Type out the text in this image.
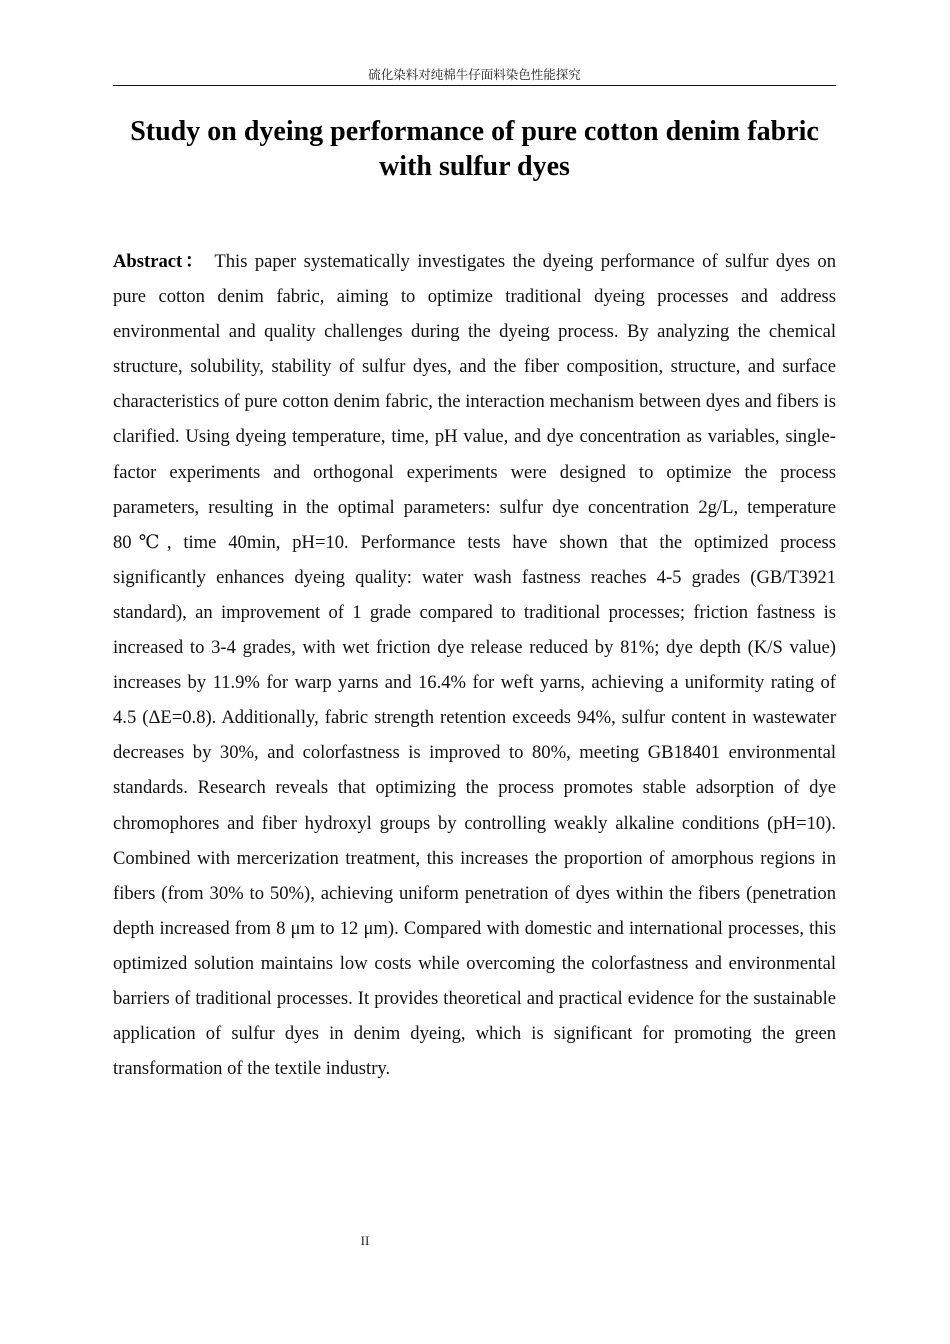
硫化染料对纯棉牛仔面料染色性能探究
Study on dyeing performance of pure cotton denim fabric
with sulfur dyes

Abstract： This paper systematically investigates the dyeing performance of sulfur dyes on pure cotton denim fabric, aiming to optimize traditional dyeing processes and address environmental and quality challenges during the dyeing process. By analyzing the chemical structure, solubility, stability of sulfur dyes, and the fiber composition, structure, and surface characteristics of pure cotton denim fabric, the interaction mechanism between dyes and fibers is clarified. Using dyeing temperature, time, pH value, and dye concentration as variables, single-factor experiments and orthogonal experiments were designed to optimize the process parameters, resulting in the optimal parameters: sulfur dye concentration 2g/L, temperature 80℃, time 40min, pH=10. Performance tests have shown that the optimized process significantly enhances dyeing quality: water wash fastness reaches 4-5 grades (GB/T3921 standard), an improvement of 1 grade compared to traditional processes; friction fastness is increased to 3-4 grades, with wet friction dye release reduced by 81%; dye depth (K/S value) increases by 11.9% for warp yarns and 16.4% for weft yarns, achieving a uniformity rating of 4.5 (ΔE=0.8). Additionally, fabric strength retention exceeds 94%, sulfur content in wastewater decreases by 30%, and colorfastness is improved to 80%, meeting GB18401 environmental standards. Research reveals that optimizing the process promotes stable adsorption of dye chromophores and fiber hydroxyl groups by controlling weakly alkaline conditions (pH=10). Combined with mercerization treatment, this increases the proportion of amorphous regions in fibers (from 30% to 50%), achieving uniform penetration of dyes within the fibers (penetration depth increased from 8 μm to 12 μm). Compared with domestic and international processes, this optimized solution maintains low costs while overcoming the colorfastness and environmental barriers of traditional processes. It provides theoretical and practical evidence for the sustainable application of sulfur dyes in denim dyeing, which is significant for promoting the green transformation of the textile industry.

II
